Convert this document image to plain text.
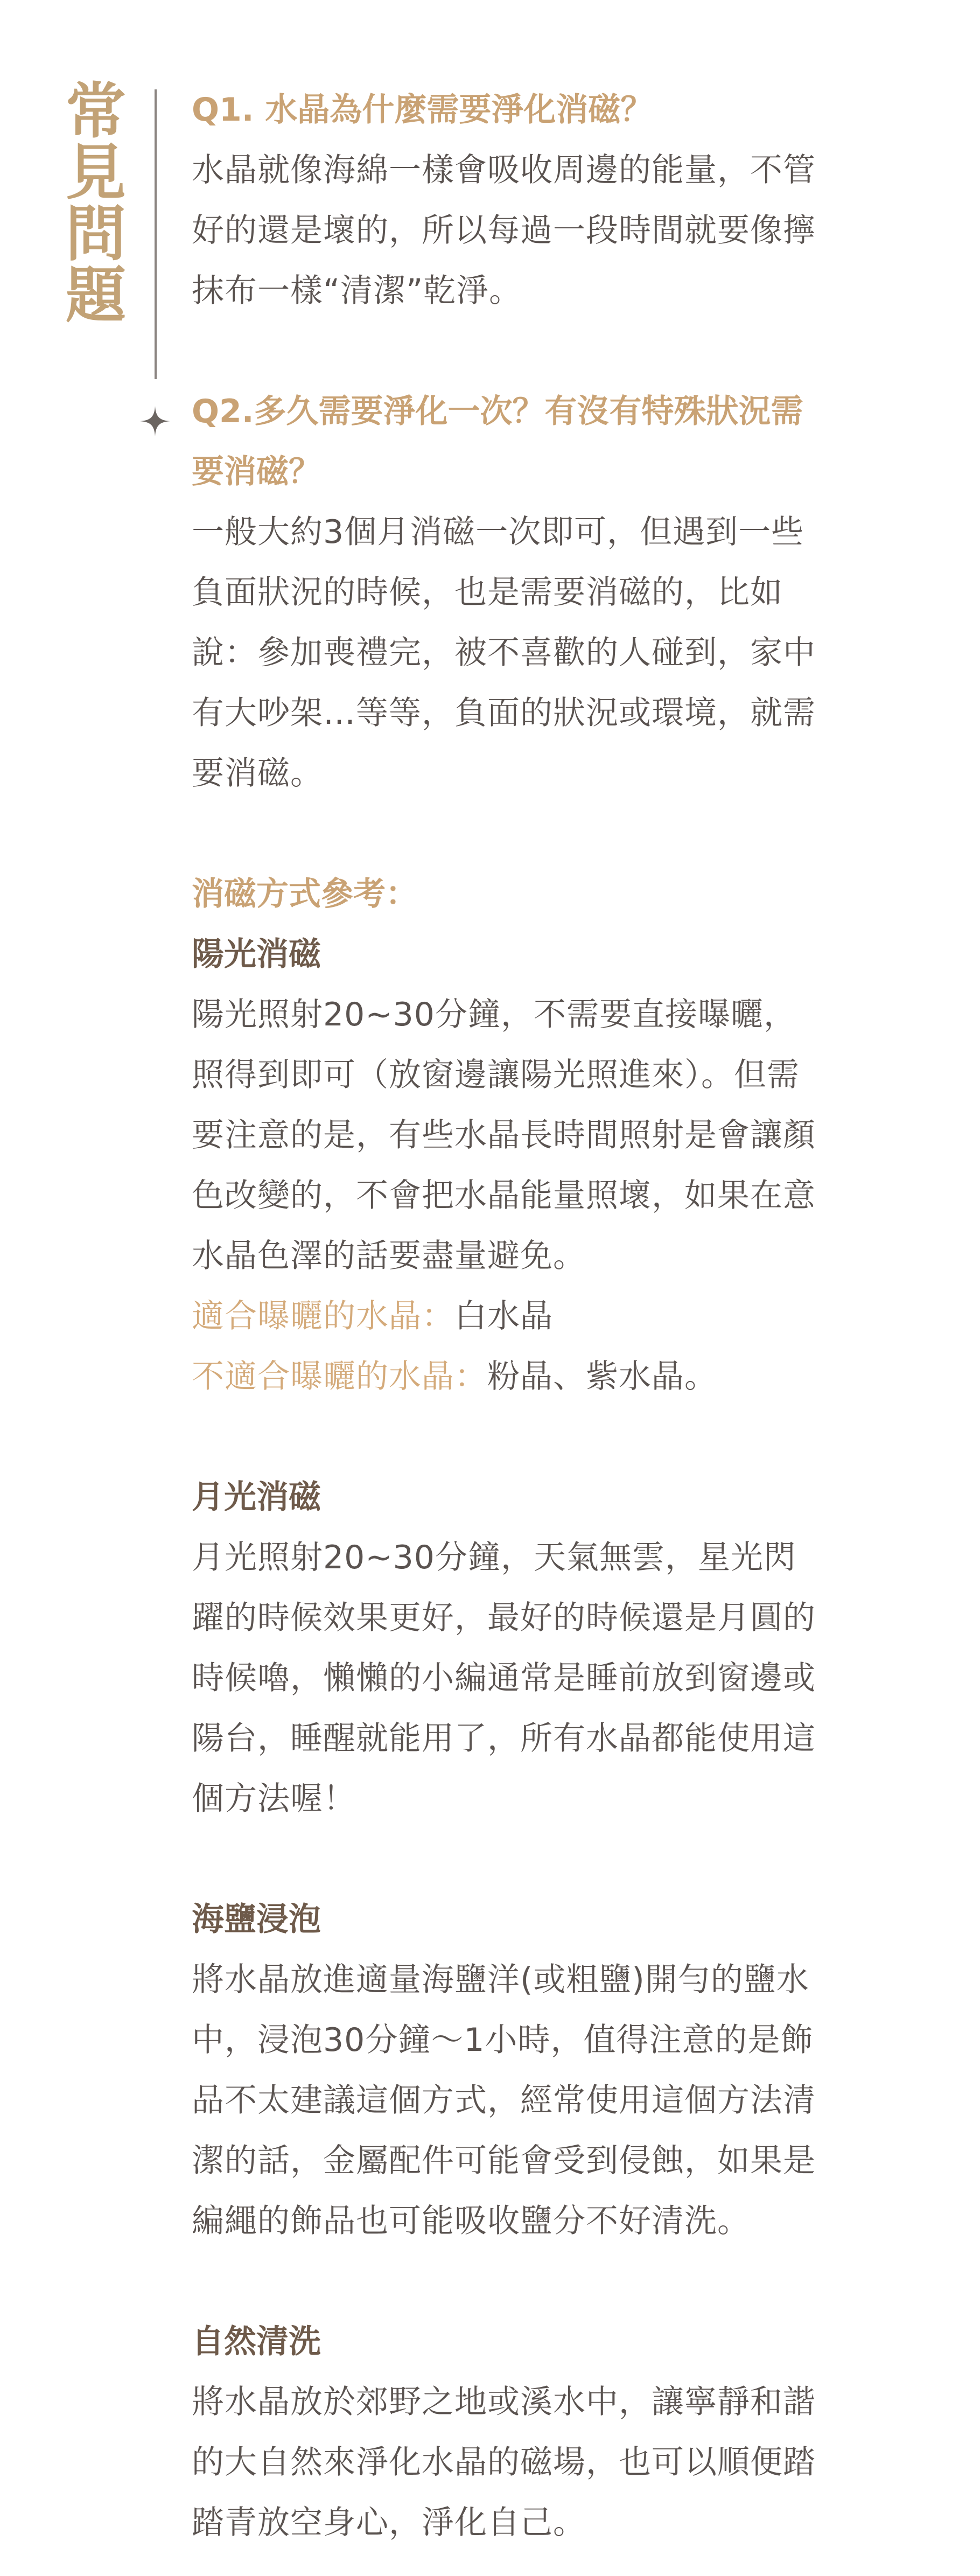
常
見
問
題

Q1. 水晶為什麼需要淨化消磁？

水晶就像海綿一樣會吸收周邊的能量，不管

好的還是壞的，所以每過一段時間就要像擰

抹布一樣“清潔”乾淨。

Q2.多久需要淨化一次？有沒有特殊狀況需

要消磁？

一般大約3個月消磁一次即可，但遇到一些

負面狀況的時候，也是需要消磁的，比如

說：參加喪禮完，被不喜歡的人碰到，家中

有大吵架…等等，負面的狀況或環境，就需

要消磁。

消磁方式參考：

陽光消磁

陽光照射20~30分鐘，不需要直接曝曬，

照得到即可（放窗邊讓陽光照進來）。但需

要注意的是，有些水晶長時間照射是會讓顏

色改變的，不會把水晶能量照壞，如果在意

水晶色澤的話要盡量避免。

適合曝曬的水晶：白水晶

不適合曝曬的水晶：粉晶、紫水晶。

月光消磁

月光照射20~30分鐘，天氣無雲，星光閃

躍的時候效果更好，最好的時候還是月圓的

時候嚕，懶懶的小編通常是睡前放到窗邊或

陽台，睡醒就能用了，所有水晶都能使用這

個方法喔！

海鹽浸泡

將水晶放進適量海鹽洋(或粗鹽)開勻的鹽水

中，浸泡30分鐘～1小時，值得注意的是飾

品不太建議這個方式，經常使用這個方法清

潔的話，金屬配件可能會受到侵蝕，如果是

編繩的飾品也可能吸收鹽分不好清洗。

自然清洗

將水晶放於郊野之地或溪水中，讓寧靜和諧

的大自然來淨化水晶的磁場，也可以順便踏

踏青放空身心，淨化自己。
